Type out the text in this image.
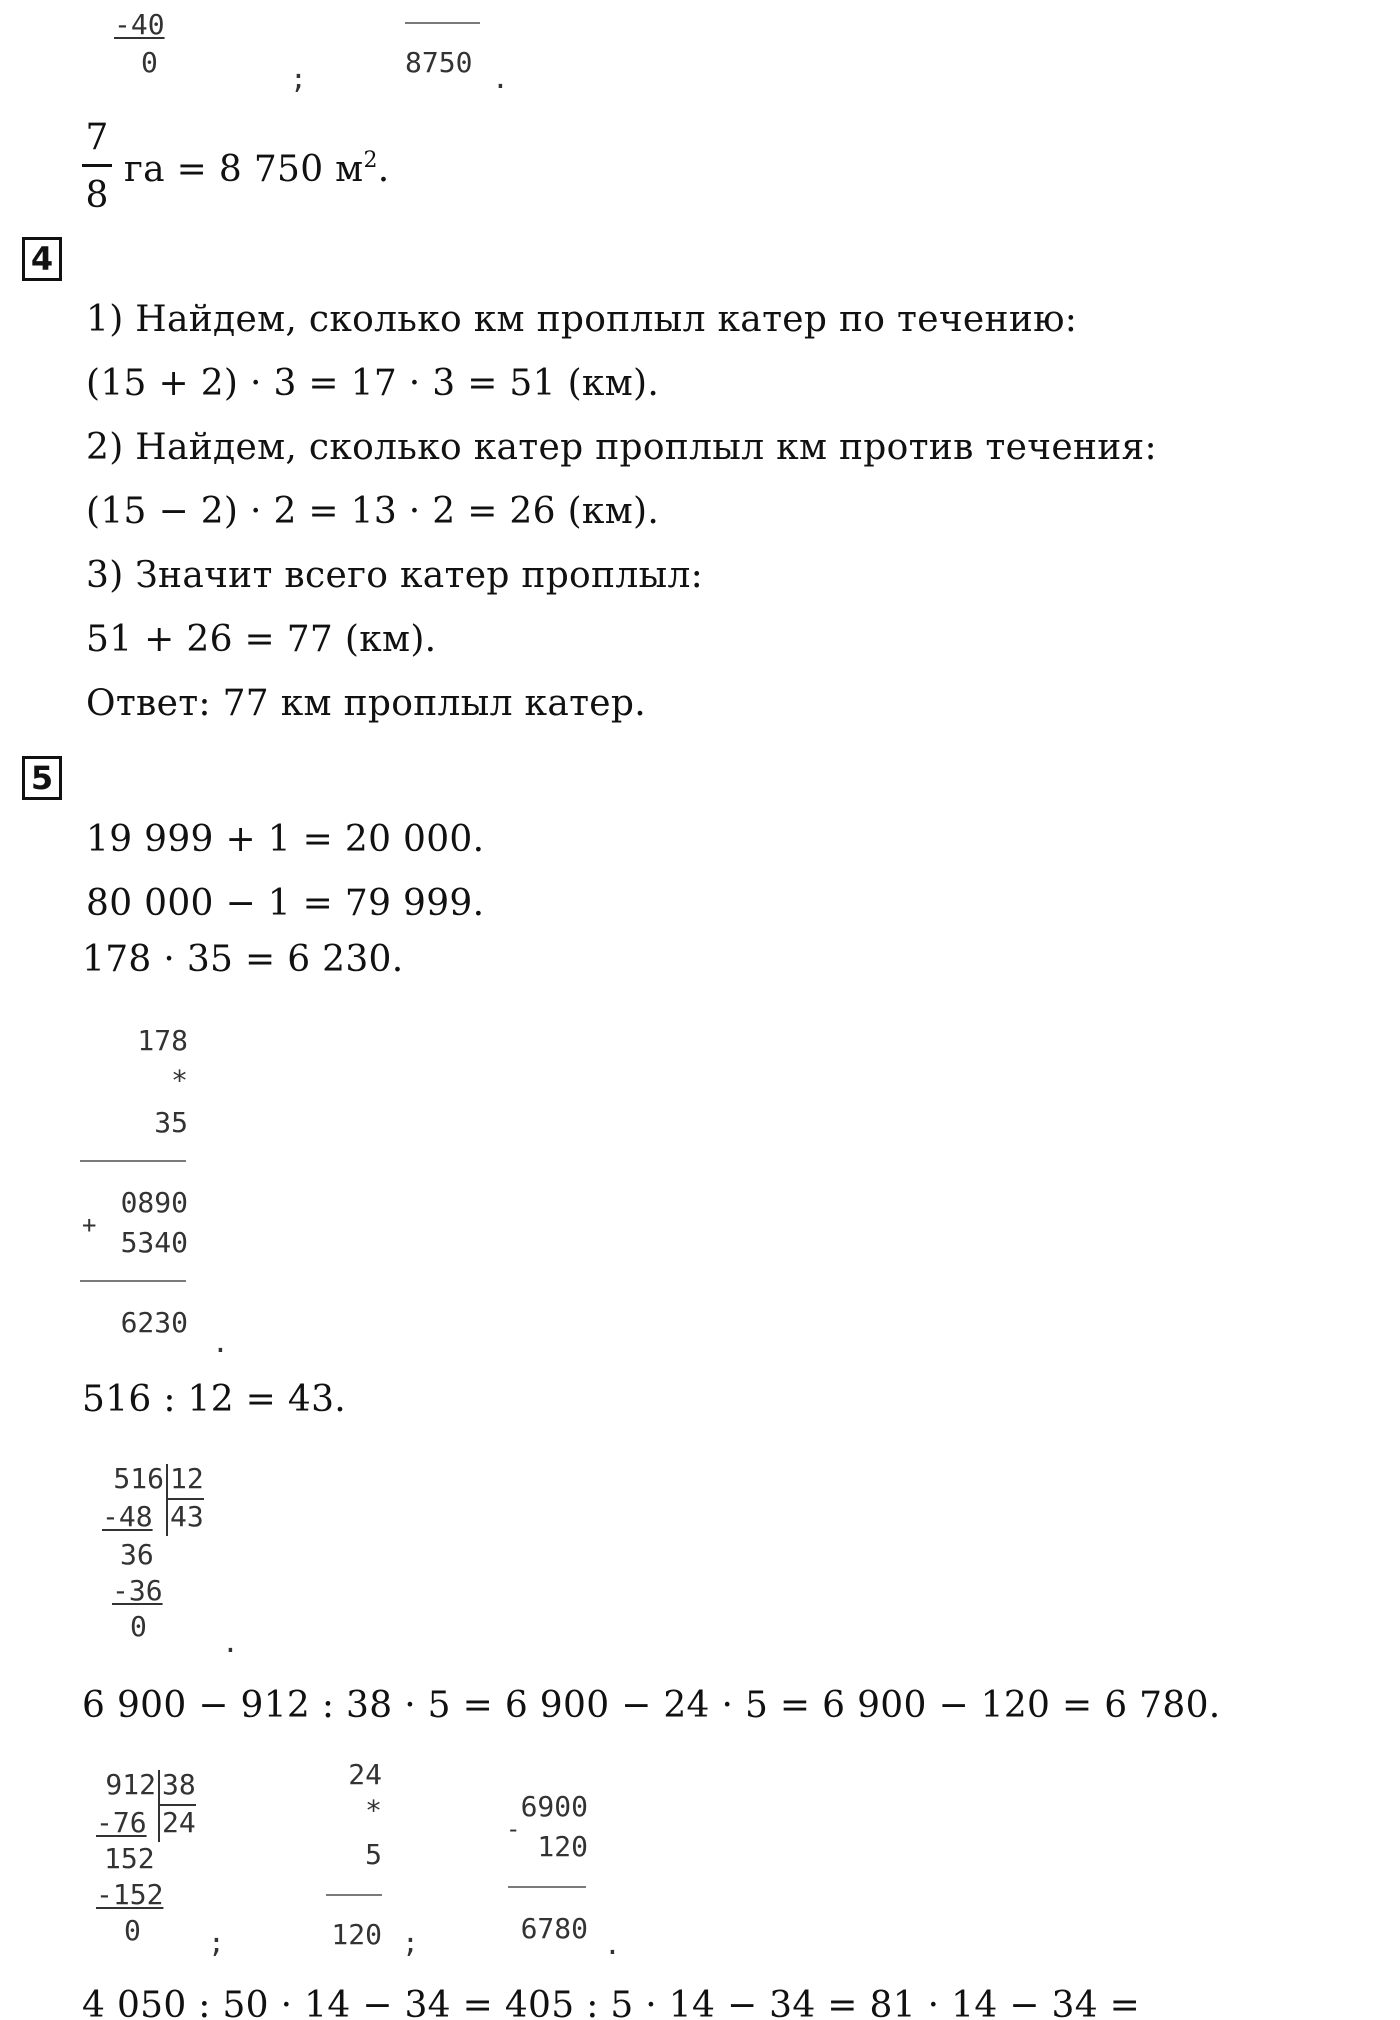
-40
0	;	8750 .
7
8
га = 8 750 $м^2$.
4
1) Найдем, сколько км проплыл катер по течению:
(15 + 2) · 3 = 17 · 3 = 51 (км).
2) Найдем, сколько катер проплыл км против течения:
(15 − 2) · 2 = 13 · 2 = 26 (км).
3) Значит всего катер проплыл:
51 + 26 = 77 (км).
Ответ: 77 км проплыл катер.
5
19 999 + 1 = 20 000.
80 000 − 1 = 79 999.
178 · 35 = 6 230.
178
*
35
0890
+
5340
6230
.
516 : 12 = 43.
516 12
-48 43
36
-36
0	.
6 900 − 912 : 38 · 5 = 6 900 − 24 · 5 = 6 900 − 120 = 6 780.
912 38
-76 24
152
-152
0 ;
24
*
5
120 ;
6900
-
120
6780 .
4 050 : 50 · 14 − 34 = 405 : 5 · 14 − 34 = 81 · 14 − 34 =
